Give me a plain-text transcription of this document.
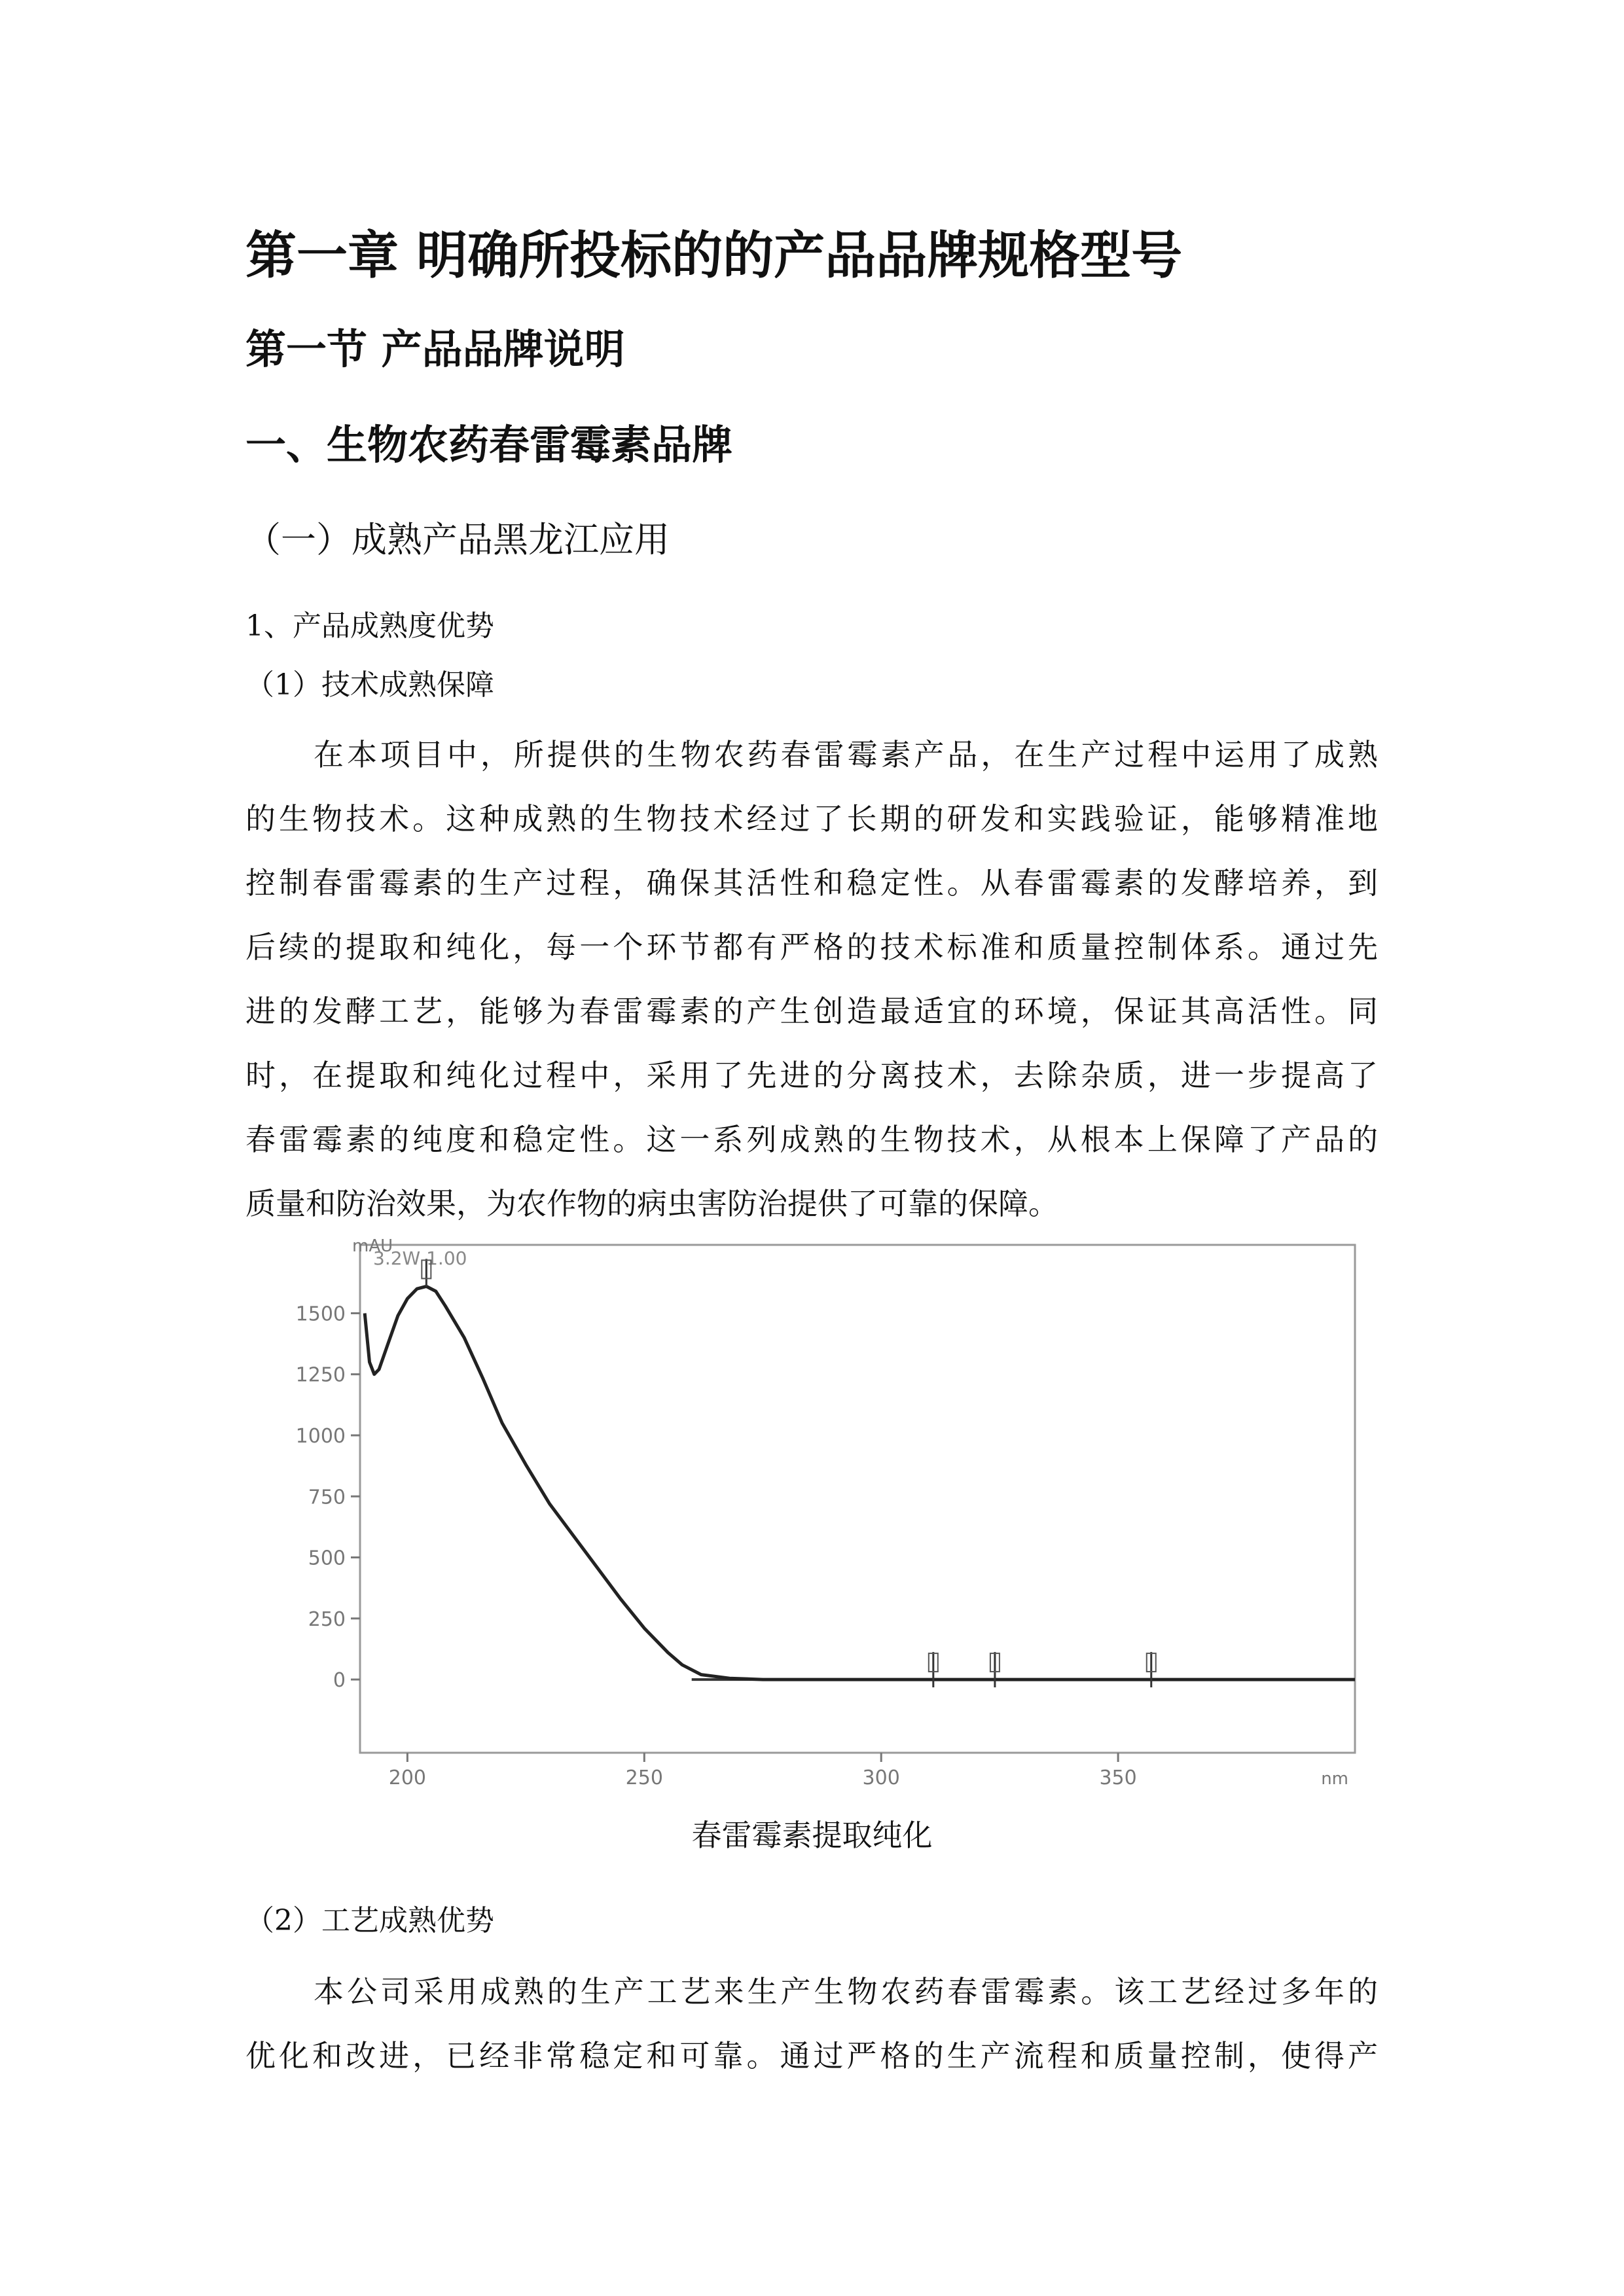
第一章 明确所投标的的产品品牌规格型号
第一节 产品品牌说明
一、生物农药春雷霉素品牌
（一）成熟产品黑龙江应用
1、产品成熟度优势
（1）技术成熟保障
在本项目中，所提供的生物农药春雷霉素产品，在生产过程中运用了成熟
的生物技术。这种成熟的生物技术经过了长期的研发和实践验证，能够精准地
控制春雷霉素的生产过程，确保其活性和稳定性。从春雷霉素的发酵培养，到
后续的提取和纯化，每一个环节都有严格的技术标准和质量控制体系。通过先
进的发酵工艺，能够为春雷霉素的产生创造最适宜的环境，保证其高活性。同
时，在提取和纯化过程中，采用了先进的分离技术，去除杂质，进一步提高了
春雷霉素的纯度和稳定性。这一系列成熟的生物技术，从根本上保障了产品的
质量和防治效果，为农作物的病虫害防治提供了可靠的保障。
0
250
500
750
1000
1250
1500
200	250	300	350
mAU
nm
3.2W 1.00
春雷霉素提取纯化
（2）工艺成熟优势
本公司采用成熟的生产工艺来生产生物农药春雷霉素。该工艺经过多年的
优化和改进，已经非常稳定和可靠。通过严格的生产流程和质量控制，使得产
